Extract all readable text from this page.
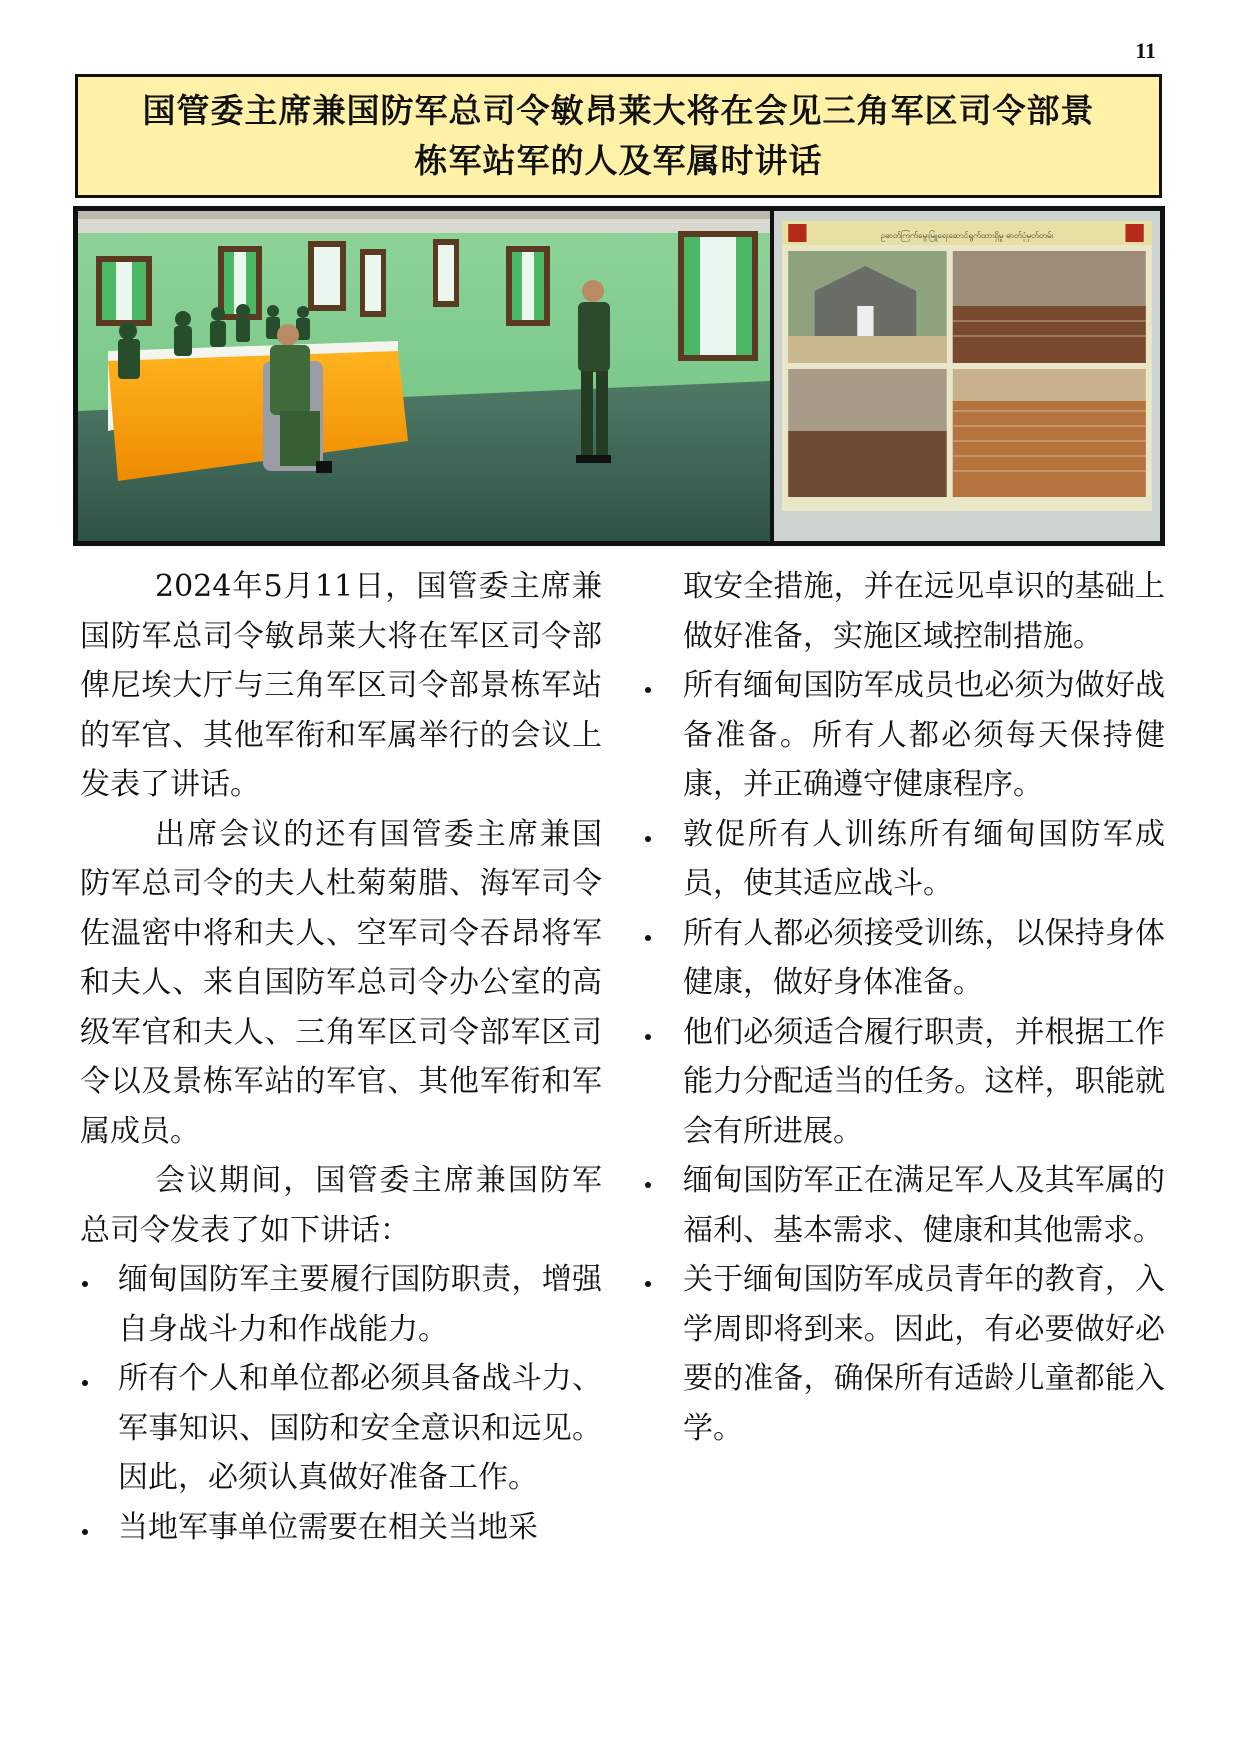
11
国管委主席兼国防军总司令敏昂莱大将在会见三角军区司令部景
栋军站军的人及军属时讲话
ဥဓာတ်ကြက်မွေးမြူရေးဆောင်ရွက်ထားရှိမှု ဓာတ်ပုံမှတ်တမ်း

2024年5月11日，国管委主席兼国防军总司令敏昂莱大将在军区司令部俾尼埃大厅与三角军区司令部景栋军站的军官、其他军衔和军属举行的会议上发表了讲话。

出席会议的还有国管委主席兼国防军总司令的夫人杜菊菊腊、海军司令佐温密中将和夫人、空军司令吞昂将军和夫人、来自国防军总司令办公室的高级军官和夫人、三角军区司令部军区司令以及景栋军站的军官、其他军衔和军属成员。

会议期间，国管委主席兼国防军总司令发表了如下讲话：

缅甸国防军主要履行国防职责，增强自身战斗力和作战能力。
所有个人和单位都必须具备战斗力、军事知识、国防和安全意识和远见。因此，必须认真做好准备工作。
当地军事单位需要在相关当地采

取安全措施，并在远见卓识的基础上做好准备，实施区域控制措施。

所有缅甸国防军成员也必须为做好战备准备。所有人都必须每天保持健康，并正确遵守健康程序。
敦促所有人训练所有缅甸国防军成员，使其适应战斗。
所有人都必须接受训练，以保持身体健康，做好身体准备。
他们必须适合履行职责，并根据工作能力分配适当的任务。这样，职能就会有所进展。
缅甸国防军正在满足军人及其军属的福利、基本需求、健康和其他需求。
关于缅甸国防军成员青年的教育，入学周即将到来。因此，有必要做好必要的准备，确保所有适龄儿童都能入学。
